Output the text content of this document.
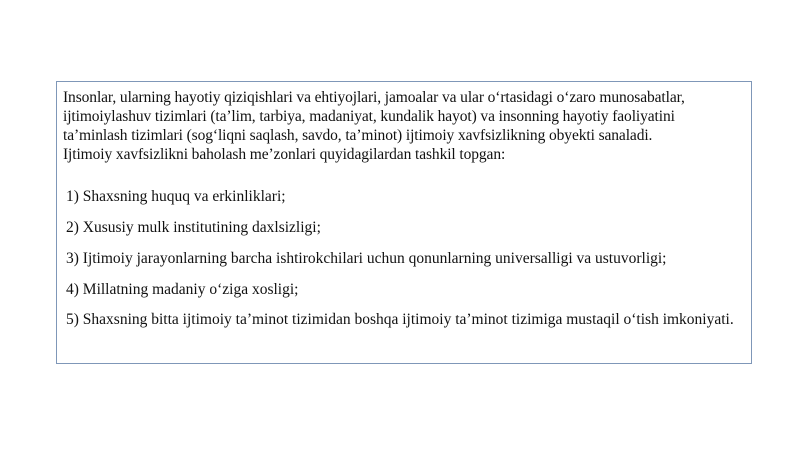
Insonlar, ularning hayotiy qiziqishlari va ehtiyojlari, jamoalar va ular o‘rtasidagi o‘zaro munosabatlar,
ijtimoiylashuv tizimlari (ta’lim, tarbiya, madaniyat, kundalik hayot) va insonning hayotiy faoliyatini
ta’minlash tizimlari (sog‘liqni saqlash, savdo, ta’minot) ijtimoiy xavfsizlikning obyekti sanaladi.
Ijtimoiy xavfsizlikni baholash me’zonlari quyidagilardan tashkil topgan:

1) Shaxsning huquq va erkinliklari;
2) Xususiy mulk institutining daxlsizligi;
3) Ijtimoiy jarayonlarning barcha ishtirokchilari uchun qonunlarning universalligi va ustuvorligi;
4) Millatning madaniy o‘ziga xosligi;
5) Shaxsning bitta ijtimoiy ta’minot tizimidan boshqa ijtimoiy ta’minot tizimiga mustaqil o‘tish imkoniyati.
